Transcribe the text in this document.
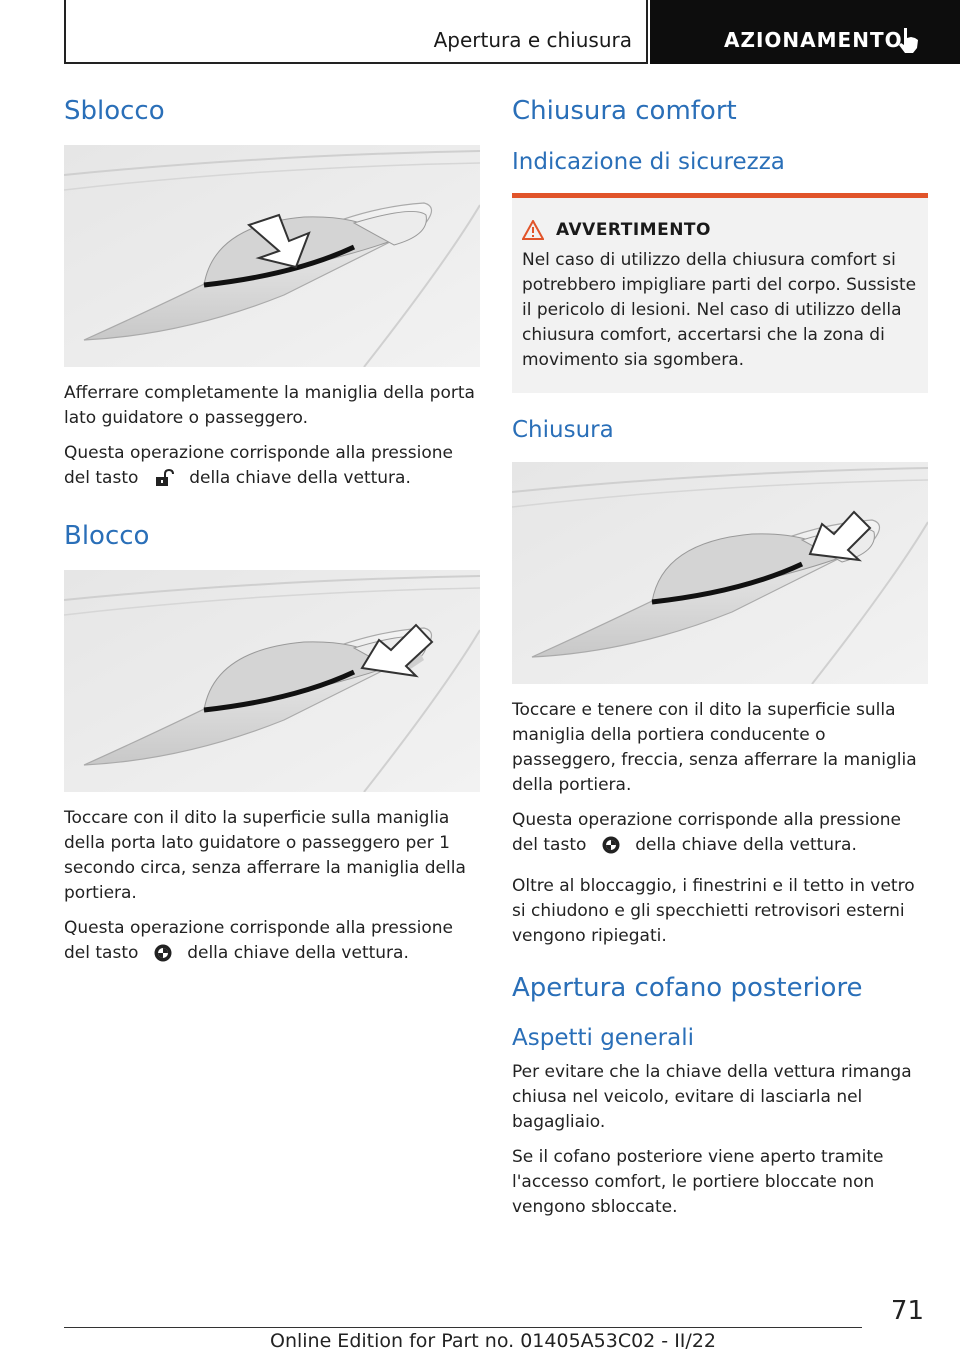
Apertura e chiusura	AZIONAMENTO
Sblocco

Afferrare completamente la maniglia della porta lato guidatore o passeggero.

Questa operazione corrisponde alla pressione del tasto	della chiave della vettura.

Blocco

Toccare con il dito la superficie sulla maniglia della porta lato guidatore o passeggero per 1 secondo circa, senza afferrare la maniglia della portiera.

Questa operazione corrisponde alla pressione del tasto	della chiave della vettura.

Chiusura comfort
Indicazione di sicurezza
AVVERTIMENTO

Nel caso di utilizzo della chiusura comfort si potrebbero impigliare parti del corpo. Sussiste il pericolo di lesioni. Nel caso di utilizzo della chiusura comfort, accertarsi che la zona di movimento sia sgombera.

Chiusura

Toccare e tenere con il dito la superficie sulla maniglia della portiera conducente o passeggero, freccia, senza afferrare la maniglia della portiera.

Questa operazione corrisponde alla pressione del tasto	della chiave della vettura.

Oltre al bloccaggio, i finestrini e il tetto in vetro si chiudono e gli specchietti retrovisori esterni vengono ripiegati.

Apertura cofano posteriore
Aspetti generali

Per evitare che la chiave della vettura rimanga chiusa nel veicolo, evitare di lasciarla nel bagagliaio.

Se il cofano posteriore viene aperto tramite l'accesso comfort, le portiere bloccate non vengono sbloccate.

71
Online Edition for Part no. 01405A53C02 - II/22
